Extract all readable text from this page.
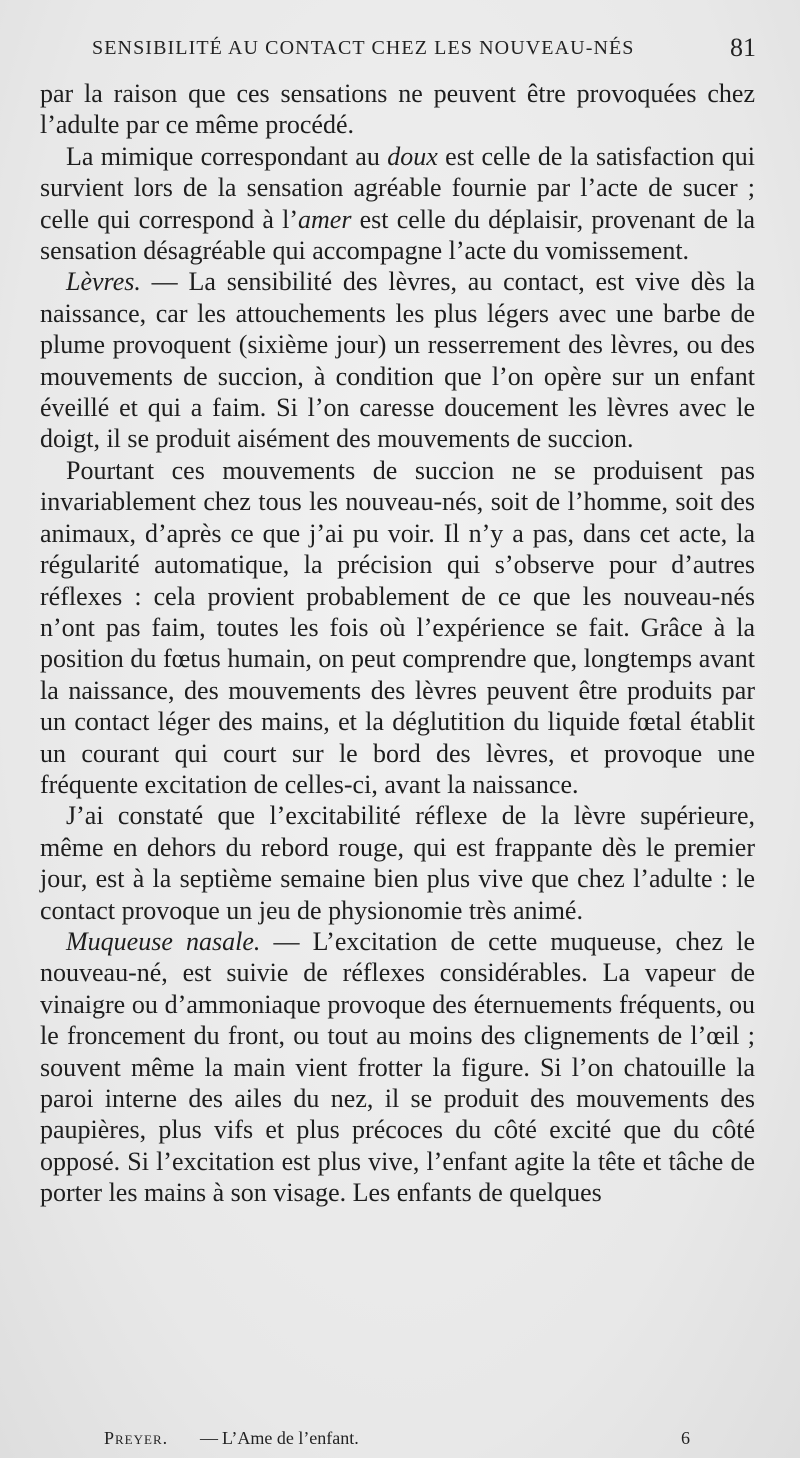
SENSIBILITÉ AU CONTACT CHEZ LES NOUVEAU-NÉS	81

par la raison que ces sensations ne peuvent être provoquées chez l’adulte par ce même procédé.

La mimique correspondant au doux est celle de la satisfaction qui survient lors de la sensation agréable fournie par l’acte de sucer ; celle qui correspond à l’amer est celle du déplaisir, provenant de la sensation désagréable qui accompagne l’acte du vomissement.

Lèvres. — La sensibilité des lèvres, au contact, est vive dès la naissance, car les attouchements les plus légers avec une barbe de plume provoquent (sixième jour) un resserrement des lèvres, ou des mouvements de succion, à condition que l’on opère sur un enfant éveillé et qui a faim. Si l’on caresse doucement les lèvres avec le doigt, il se produit aisément des mouvements de succion.

Pourtant ces mouvements de succion ne se produisent pas invariablement chez tous les nouveau-nés, soit de l’homme, soit des animaux, d’après ce que j’ai pu voir. Il n’y a pas, dans cet acte, la régularité automatique, la précision qui s’observe pour d’autres réflexes : cela provient probablement de ce que les nouveau-nés n’ont pas faim, toutes les fois où l’expérience se fait. Grâce à la position du fœtus humain, on peut comprendre que, longtemps avant la naissance, des mouvements des lèvres peuvent être produits par un contact léger des mains, et la déglutition du liquide fœtal établit un courant qui court sur le bord des lèvres, et provoque une fréquente excitation de celles-ci, avant la naissance.

J’ai constaté que l’excitabilité réflexe de la lèvre supérieure, même en dehors du rebord rouge, qui est frappante dès le premier jour, est à la septième semaine bien plus vive que chez l’adulte : le contact provoque un jeu de physionomie très animé.

Muqueuse nasale. — L’excitation de cette muqueuse, chez le nouveau-né, est suivie de réflexes considérables. La vapeur de vinaigre ou d’ammoniaque provoque des éternuements fréquents, ou le froncement du front, ou tout au moins des clignements de l’œil ; souvent même la main vient frotter la figure. Si l’on chatouille la paroi interne des ailes du nez, il se produit des mouvements des paupières, plus vifs et plus précoces du côté excité que du côté opposé. Si l’excitation est plus vive, l’enfant agite la tête et tâche de porter les mains à son visage. Les enfants de quelques

Preyer. — L’Ame de l’enfant.	6
